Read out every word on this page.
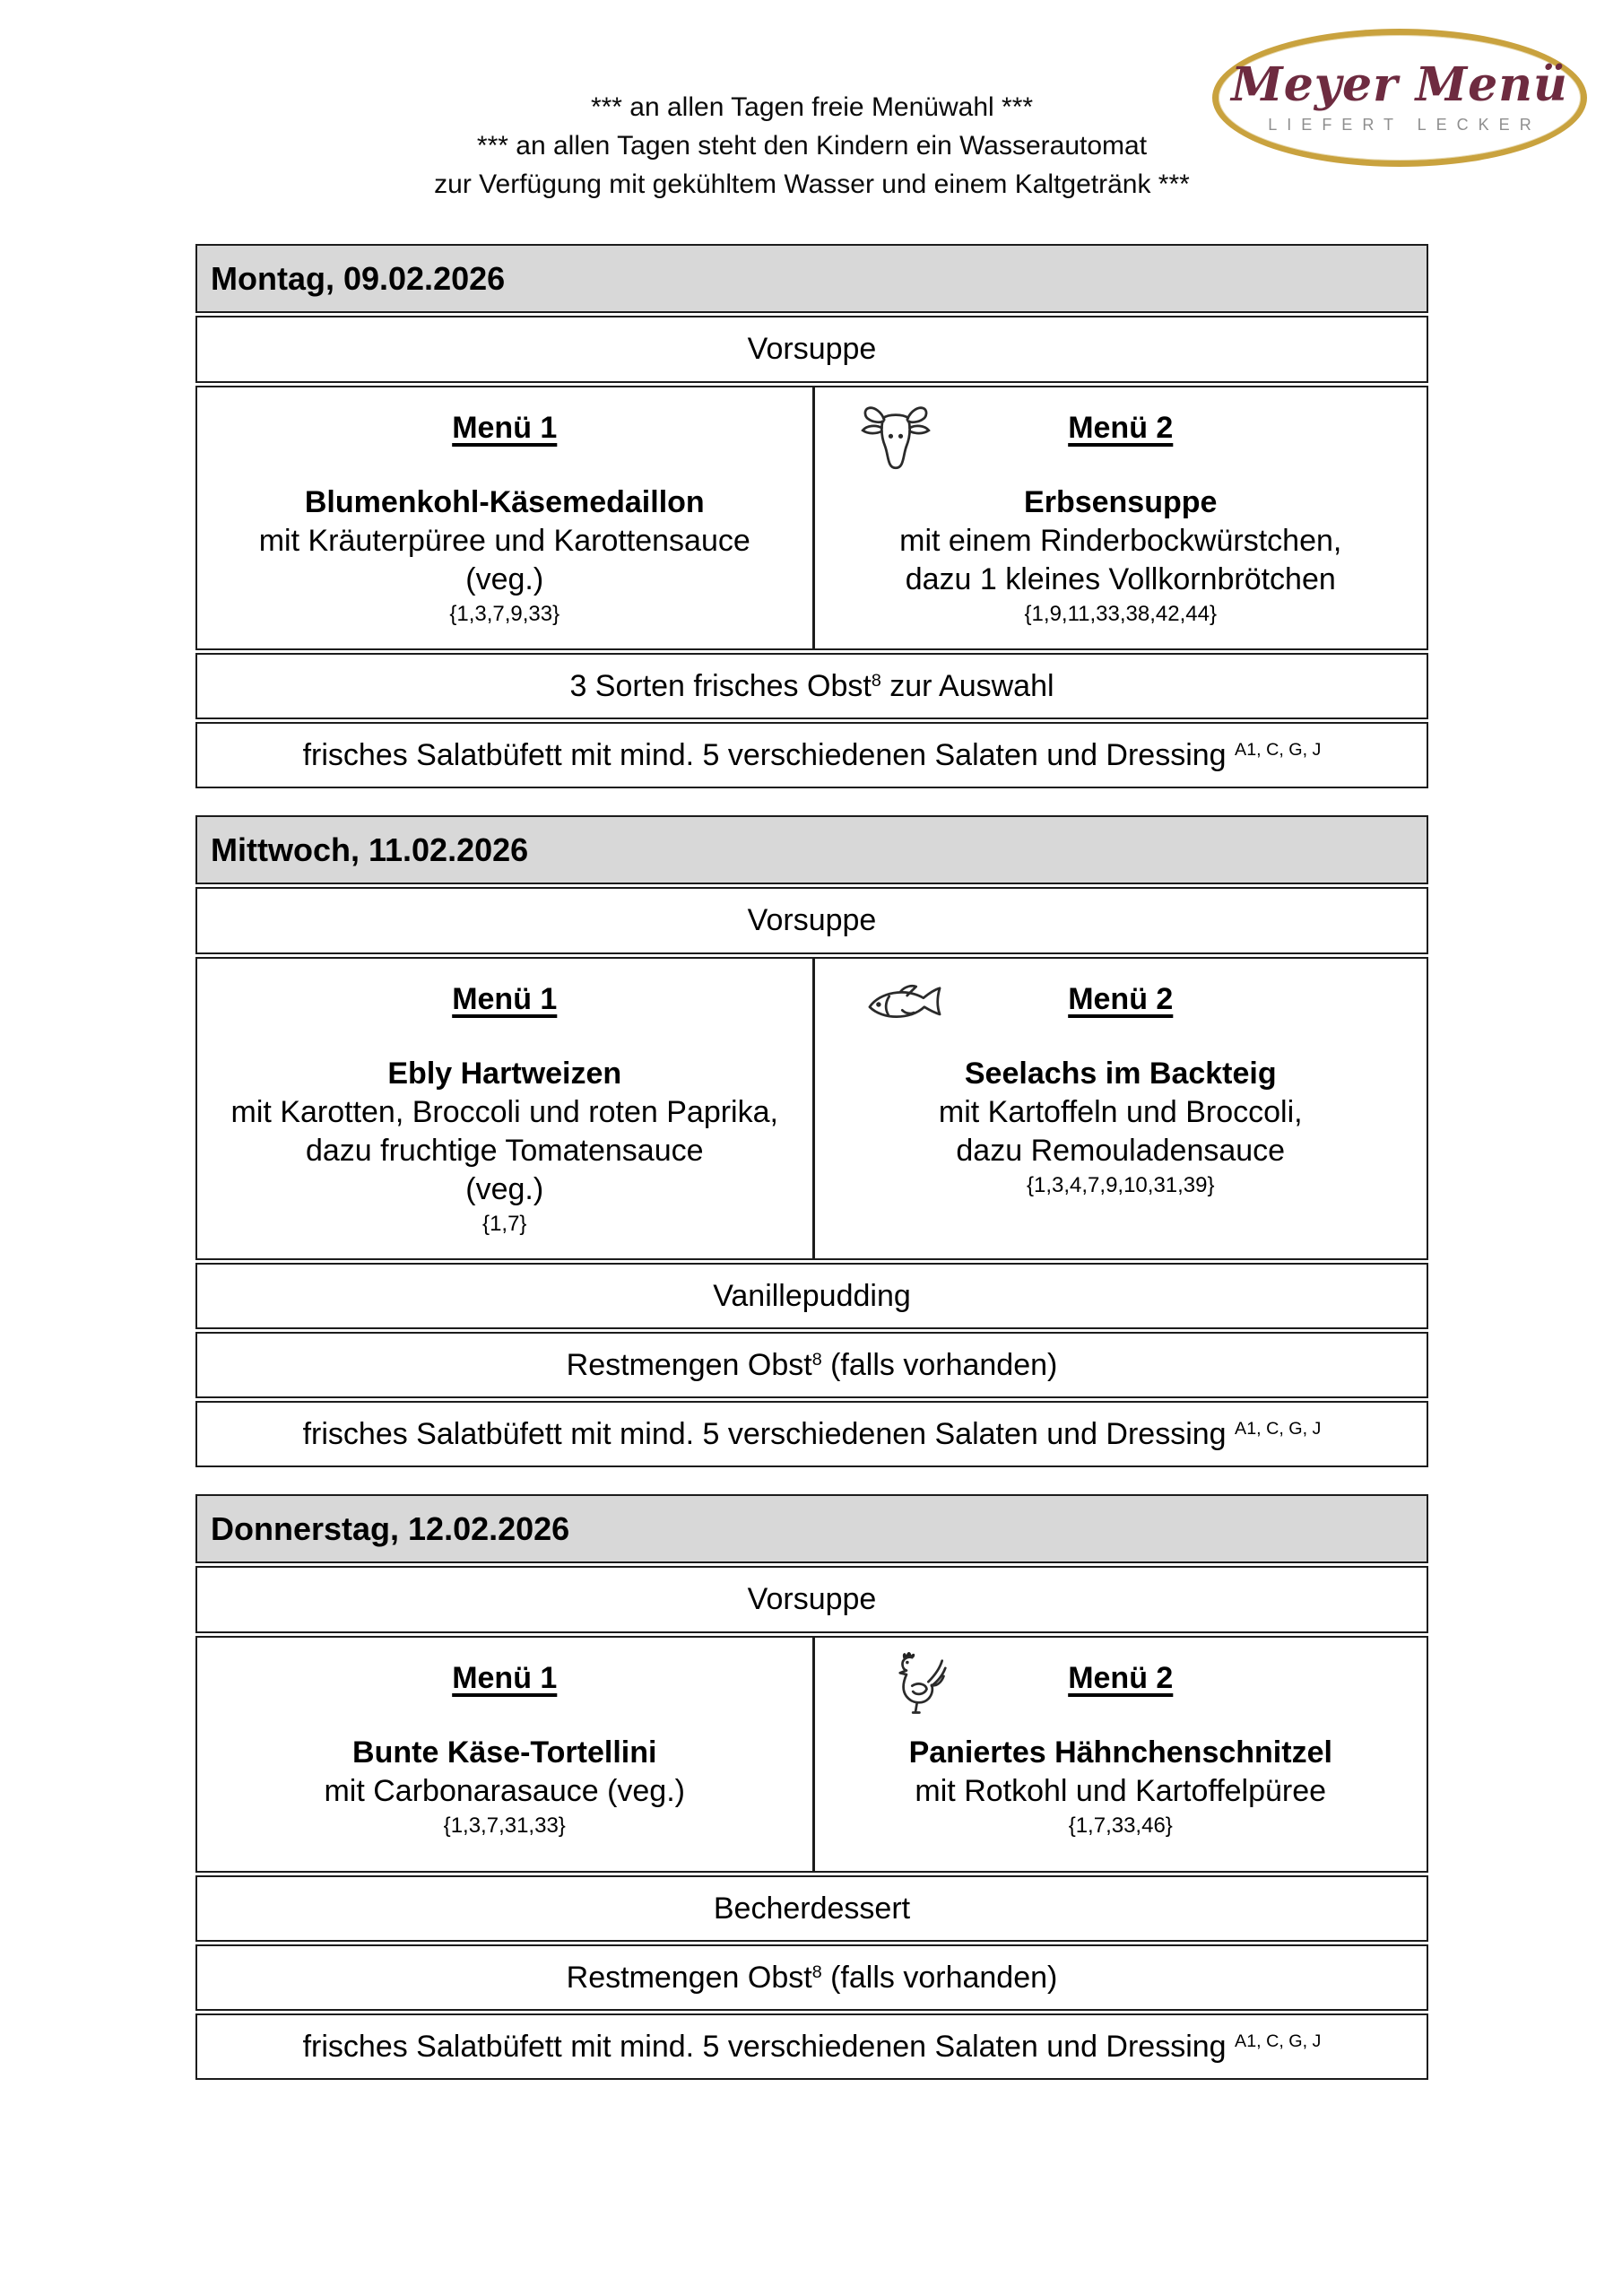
*** an allen Tagen freie Menüwahl ***
*** an allen Tagen steht den Kindern ein Wasserautomat
zur Verfügung mit gekühltem Wasser und einem Kaltgetränk ***
Meyer Menü
LIEFERT LECKER
Montag, 09.02.2026
Vorsuppe
Menü 1
Blumenkohl-Käsemedaillon
mit Kräuterpüree und Karottensauce
(veg.)
{1,3,7,9,33}
Menü 2
Erbsensuppe
mit einem Rinderbockwürstchen,
dazu 1 kleines Vollkornbrötchen
{1,9,11,33,38,42,44}
3 Sorten frisches Obst$^8$ zur Auswahl
frisches Salatbüfett mit mind. 5 verschiedenen Salaten und Dressing $^{A1, C, G, J}$
Mittwoch, 11.02.2026
Vorsuppe
Menü 1
Ebly Hartweizen
mit Karotten, Broccoli und roten Paprika,
dazu fruchtige Tomatensauce
(veg.)
{1,7}
Menü 2
Seelachs im Backteig
mit Kartoffeln und Broccoli,
dazu Remouladensauce
{1,3,4,7,9,10,31,39}
Vanillepudding
Restmengen Obst$^8$ (falls vorhanden)
frisches Salatbüfett mit mind. 5 verschiedenen Salaten und Dressing $^{A1, C, G, J}$
Donnerstag, 12.02.2026
Vorsuppe
Menü 1
Bunte Käse-Tortellini
mit Carbonarasauce (veg.)
{1,3,7,31,33}
Menü 2
Paniertes Hähnchenschnitzel
mit Rotkohl und Kartoffelpüree
{1,7,33,46}
Becherdessert
Restmengen Obst$^8$ (falls vorhanden)
frisches Salatbüfett mit mind. 5 verschiedenen Salaten und Dressing $^{A1, C, G, J}$
